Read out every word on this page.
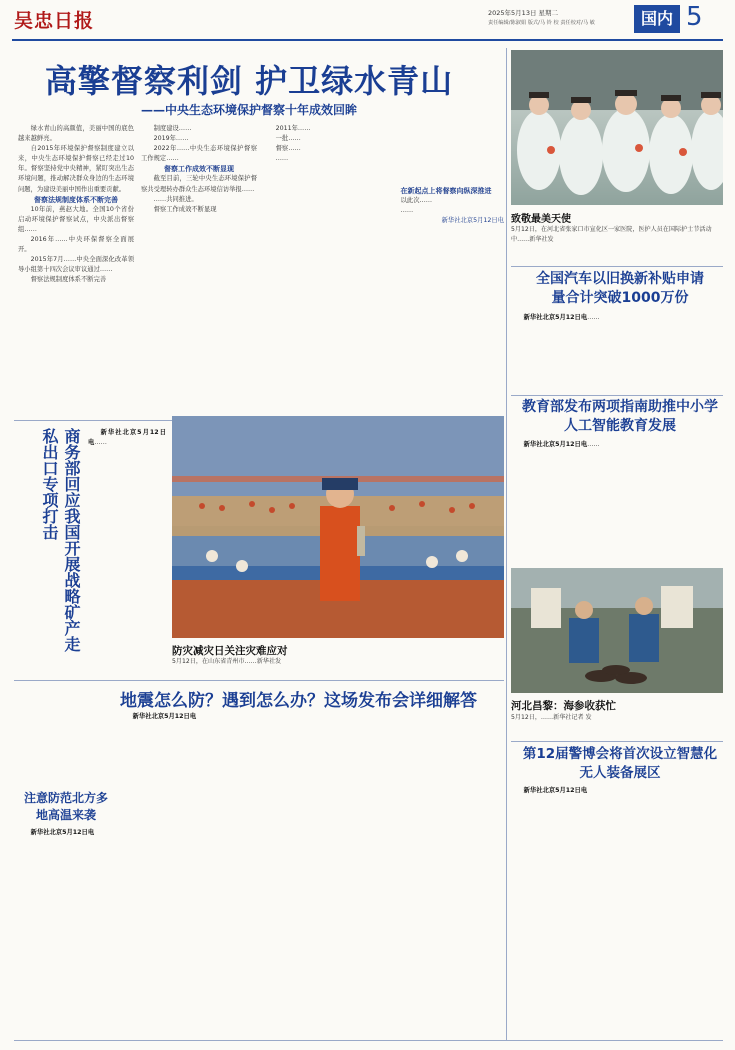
吴忠日报	2025年5月13日 星期二
责任编辑/陈淑娟 版式/马 铃 校 责任校对/马 敏	国内 5
高擎督察利剑 护卫绿水青山
——中央生态环境保护督察十年成效回眸

绿水青山的高颜值，美丽中国的底色越来越鲜亮。

自2015年环境保护督察制度建立以来，中央生态环境保护督察已经走过10年。督察坚持党中央精神，紧盯突出生态环境问题，推动解决群众身边的生态环境问题，为建设美丽中国作出重要贡献。

督察法规制度体系不断完善

10年前，燕赵大地。全国10个省份启动环境保护督察试点，中央派出督察组……

2016年……中央环保督察全面展开。

2015年7月……中央全面深化改革领导小组第十四次会议审议通过……

督察法规制度体系不断完善

制度建设……

2019年……

2022年……中央生态环境保护督察工作规定……

督察工作成效不断显现

截至目前，三轮中央生态环境保护督察共受理转办群众生态环境信访举报……

……共同推进。

督察工作成效不断显现

2011年……

一批……

督察……

……

在新起点上将督察向纵深推进

以此次……

……

新华社北京5月12日电 致敬最美天使
5月12日，在河北省张家口市宣化区一家医院，医护人员在国际护士节活动中……新华社发
全国汽车以旧换新补贴申请量合计突破1000万份

新华社北京5月12日电……

教育部发布两项指南助推中小学人工智能教育发展

新华社北京5月12日电……

商务部回应我国开展战略矿产走私出口专项打击	新华社北京5月12日电……

防灾减灾日关注灾难应对
5月12日，在山东省青州市……新华社发
地震怎么防？遇到怎么办？这场发布会详细解答

新华社北京5月12日电

注意防范北方多地高温来袭

新华社北京5月12日电

河北昌黎：海参收获忙
5月12日，……新华社记者 发
第12届警博会将首次设立智慧化无人装备展区

新华社北京5月12日电
